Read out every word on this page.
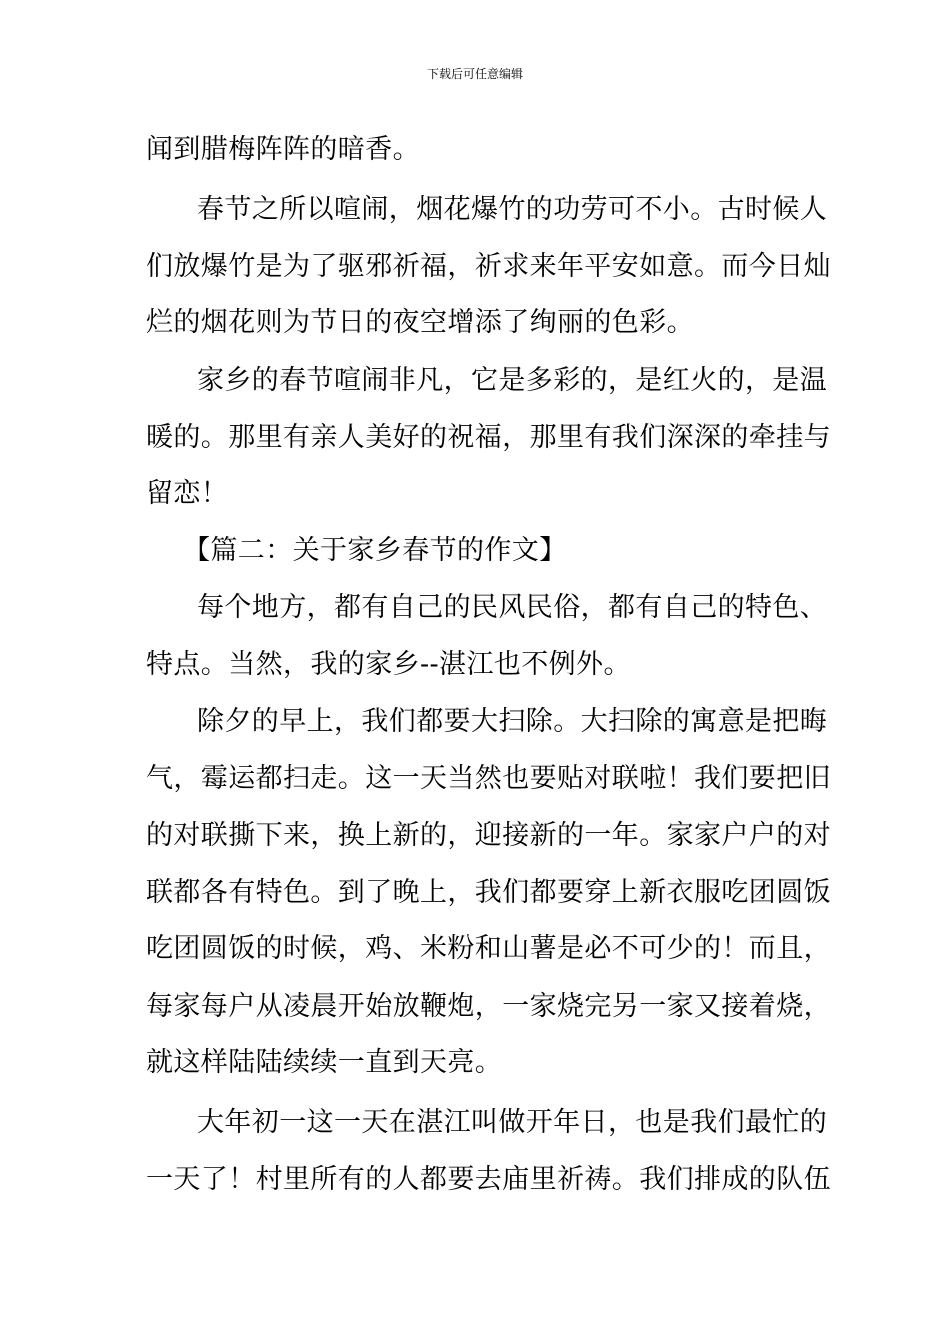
下载后可任意编辑
闻到腊梅阵阵的暗香。
春节之所以喧闹，烟花爆竹的功劳可不小。古时候人
们放爆竹是为了驱邪祈福，祈求来年平安如意。而今日灿
烂的烟花则为节日的夜空增添了绚丽的色彩。
家乡的春节喧闹非凡，它是多彩的，是红火的，是温
暖的。那里有亲人美好的祝福，那里有我们深深的牵挂与
留恋！
【篇二：关于家乡春节的作文】
每个地方，都有自己的民风民俗，都有自己的特色、
特点。当然，我的家乡--湛江也不例外。
除夕的早上，我们都要大扫除。大扫除的寓意是把晦
气，霉运都扫走。这一天当然也要贴对联啦！我们要把旧
的对联撕下来，换上新的，迎接新的一年。家家户户的对
联都各有特色。到了晚上，我们都要穿上新衣服吃团圆饭
吃团圆饭的时候，鸡、米粉和山薯是必不可少的！而且，
每家每户从凌晨开始放鞭炮，一家烧完另一家又接着烧，
就这样陆陆续续一直到天亮。
大年初一这一天在湛江叫做开年日，也是我们最忙的
一天了！村里所有的人都要去庙里祈祷。我们排成的队伍
